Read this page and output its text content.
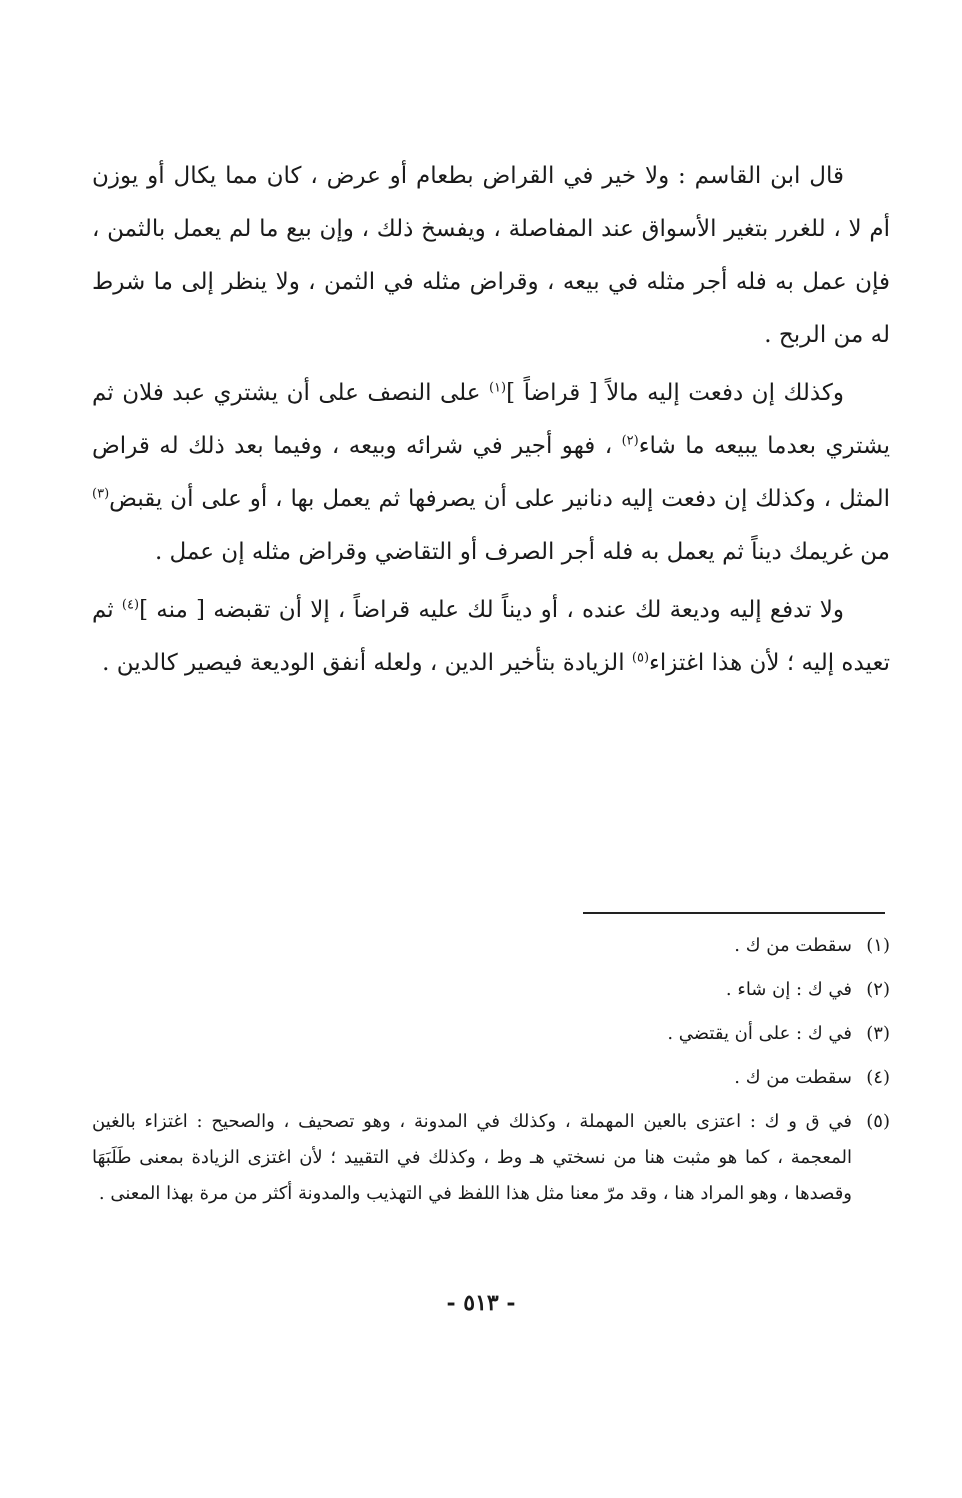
قال ابن القاسم : ولا خير في القراض بطعام أو عرض ، كان مما يكال أو يوزن أم لا ، للغرر بتغير الأسواق عند المفاصلة ، ويفسخ ذلك ، وإن بيع ما لم يعمل بالثمن ، فإن عمل به فله أجر مثله في بيعه ، وقراض مثله في الثمن ، ولا ينظر إلى ما شرط له من الربح .

وكذلك إن دفعت إليه مالاً [ قراضاً ]$^{(١)}$ على النصف على أن يشتري عبد فلان ثم يشتري بعدما يبيعه ما شاء$^{(٢)}$ ، فهو أجير في شرائه وبيعه ، وفيما بعد ذلك له قراض المثل ، وكذلك إن دفعت إليه دنانير على أن يصرفها ثم يعمل بها ، أو على أن يقبض$^{(٣)}$ من غريمك ديناً ثم يعمل به فله أجر الصرف أو التقاضي وقراض مثله إن عمل .

ولا تدفع إليه وديعة لك عنده ، أو ديناً لك عليه قراضاً ، إلا أن تقبضه [ منه ]$^{(٤)}$ ثم تعيده إليه ؛ لأن هذا اغتزاء$^{(٥)}$ الزيادة بتأخير الدين ، ولعله أنفق الوديعة فيصير كالدين .

(١)
سقطت من ك .
(٢)
في ك : إن شاء .
(٣)
في ك : على أن يقتضي .
(٤)
سقطت من ك .
(٥)
في ق و ك : اعتزى بالعين المهملة ، وكذلك في المدونة ، وهو تصحيف ، والصحيح : اغتزاء بالغين المعجمة ، كما هو مثبت هنا من نسختي هـ وط ، وكذلك في التقييد ؛ لأن اغتزى الزيادة بمعنى طَلَبَهَا وقصدها ، وهو المراد هنا ، وقد مرّ معنا مثل هذا اللفظ في التهذيب والمدونة أكثر من مرة بهذا المعنى .
- ٥١٣ -
